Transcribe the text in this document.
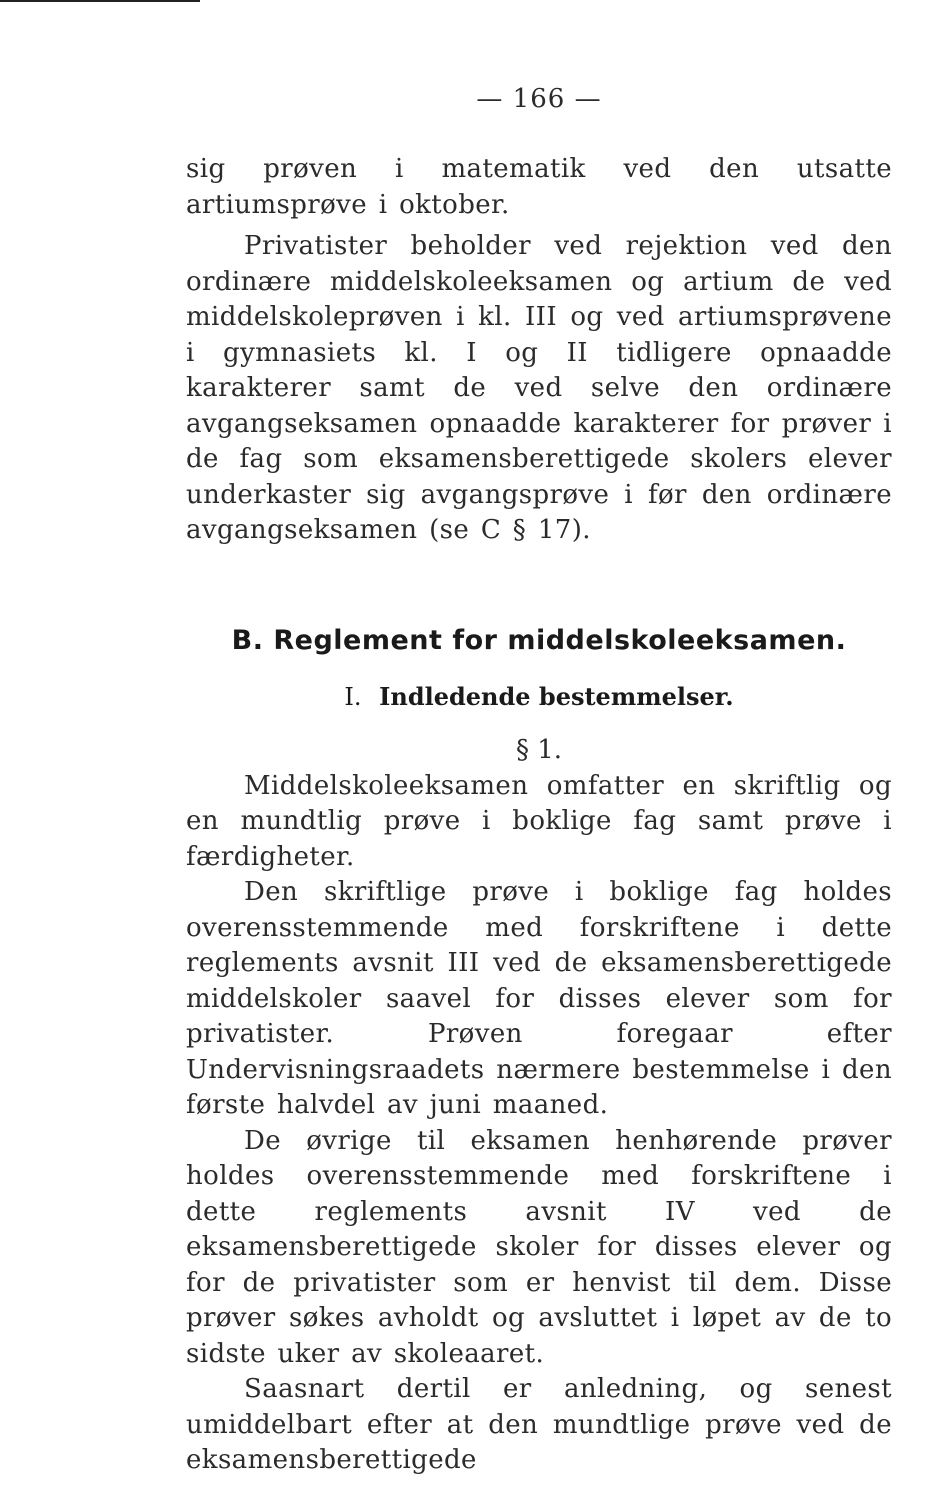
— 166 —

sig prøven i matematik ved den utsatte artiumsprøve i oktober.

Privatister beholder ved rejektion ved den ordinære middelskoleeksamen og artium de ved middelskoleprøven i kl. III og ved artiumsprøvene i gymnasiets kl. I og II tidligere opnaadde karakterer samt de ved selve den ordinære avgangseksamen opnaadde karakterer for prøver i de fag som eksamensberettigede skolers elever underkaster sig avgangsprøve i før den ordinære avgangseksamen (se C § 17).

B. Reglement for middelskoleeksamen.
I. Indledende bestemmelser.
§ 1.

Middelskoleeksamen omfatter en skriftlig og en mundtlig prøve i boklige fag samt prøve i færdigheter.

Den skriftlige prøve i boklige fag holdes overensstemmende med forskriftene i dette reglements avsnit III ved de eksamensberettigede middelskoler saavel for disses elever som for privatister. Prøven foregaar efter Undervisningsraadets nærmere bestemmelse i den første halvdel av juni maaned.

De øvrige til eksamen henhørende prøver holdes overensstemmende med forskriftene i dette reglements avsnit IV ved de eksamensberettigede skoler for disses elever og for de privatister som er henvist til dem. Disse prøver søkes avholdt og avsluttet i løpet av de to sidste uker av skoleaaret.

Saasnart dertil er anledning, og senest umiddelbart efter at den mundtlige prøve ved de eksamensberettigede
